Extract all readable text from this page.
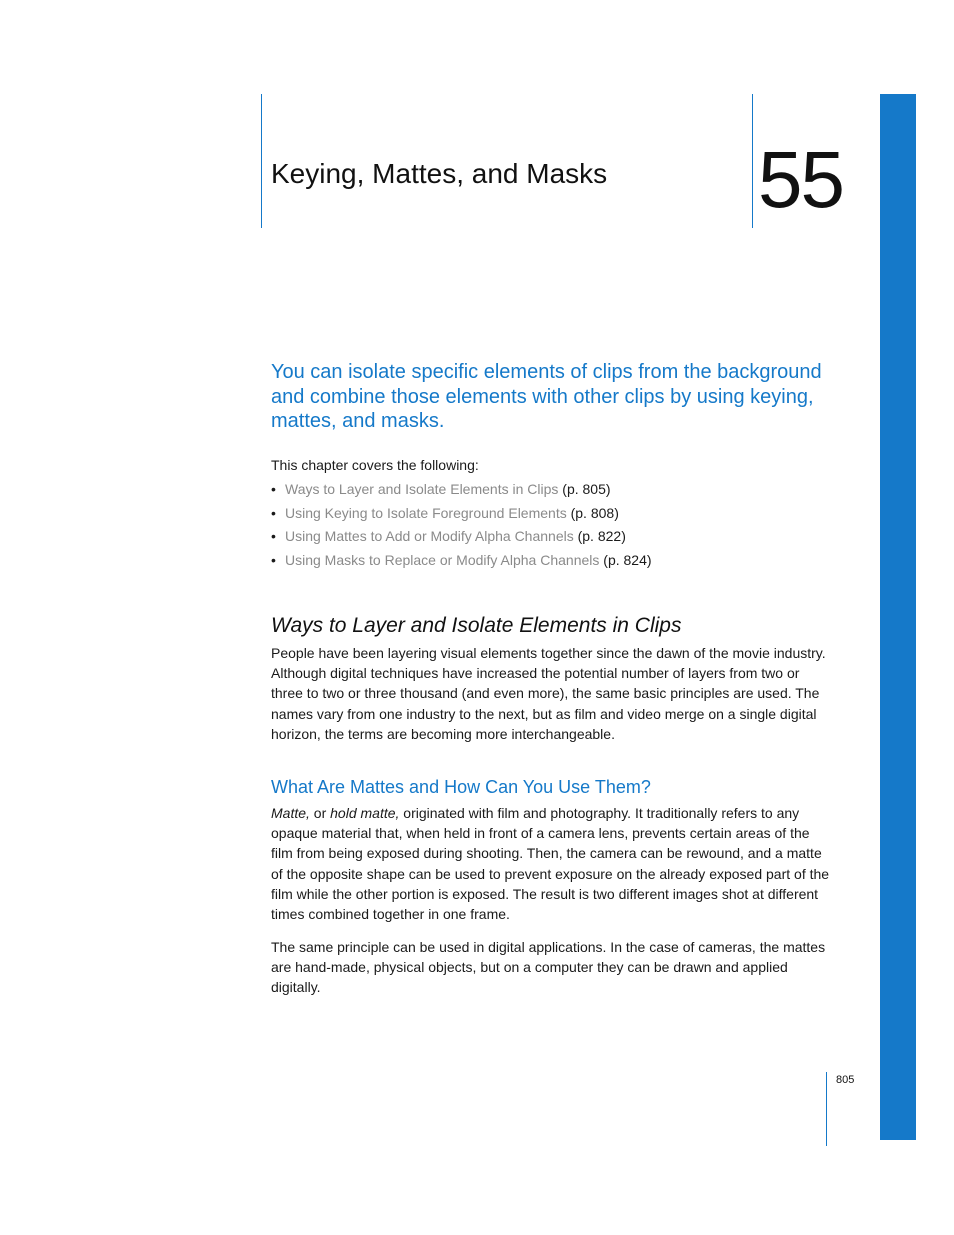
Keying, Mattes, and Masks 55

You can isolate specific elements of clips from the background and combine those elements with other clips by using keying, mattes, and masks.

This chapter covers the following:

• Ways to Layer and Isolate Elements in Clips (p. 805)
• Using Keying to Isolate Foreground Elements (p. 808)
• Using Mattes to Add or Modify Alpha Channels (p. 822)
• Using Masks to Replace or Modify Alpha Channels (p. 824)
Ways to Layer and Isolate Elements in Clips

People have been layering visual elements together since the dawn of the movie industry. Although digital techniques have increased the potential number of layers from two or three to two or three thousand (and even more), the same basic principles are used. The names vary from one industry to the next, but as film and video merge on a single digital horizon, the terms are becoming more interchangeable.

What Are Mattes and How Can You Use Them?

Matte, or hold matte, originated with film and photography. It traditionally refers to any opaque material that, when held in front of a camera lens, prevents certain areas of the film from being exposed during shooting. Then, the camera can be rewound, and a matte of the opposite shape can be used to prevent exposure on the already exposed part of the film while the other portion is exposed. The result is two different images shot at different times combined together in one frame.

The same principle can be used in digital applications. In the case of cameras, the mattes are hand-made, physical objects, but on a computer they can be drawn and applied digitally.

805
